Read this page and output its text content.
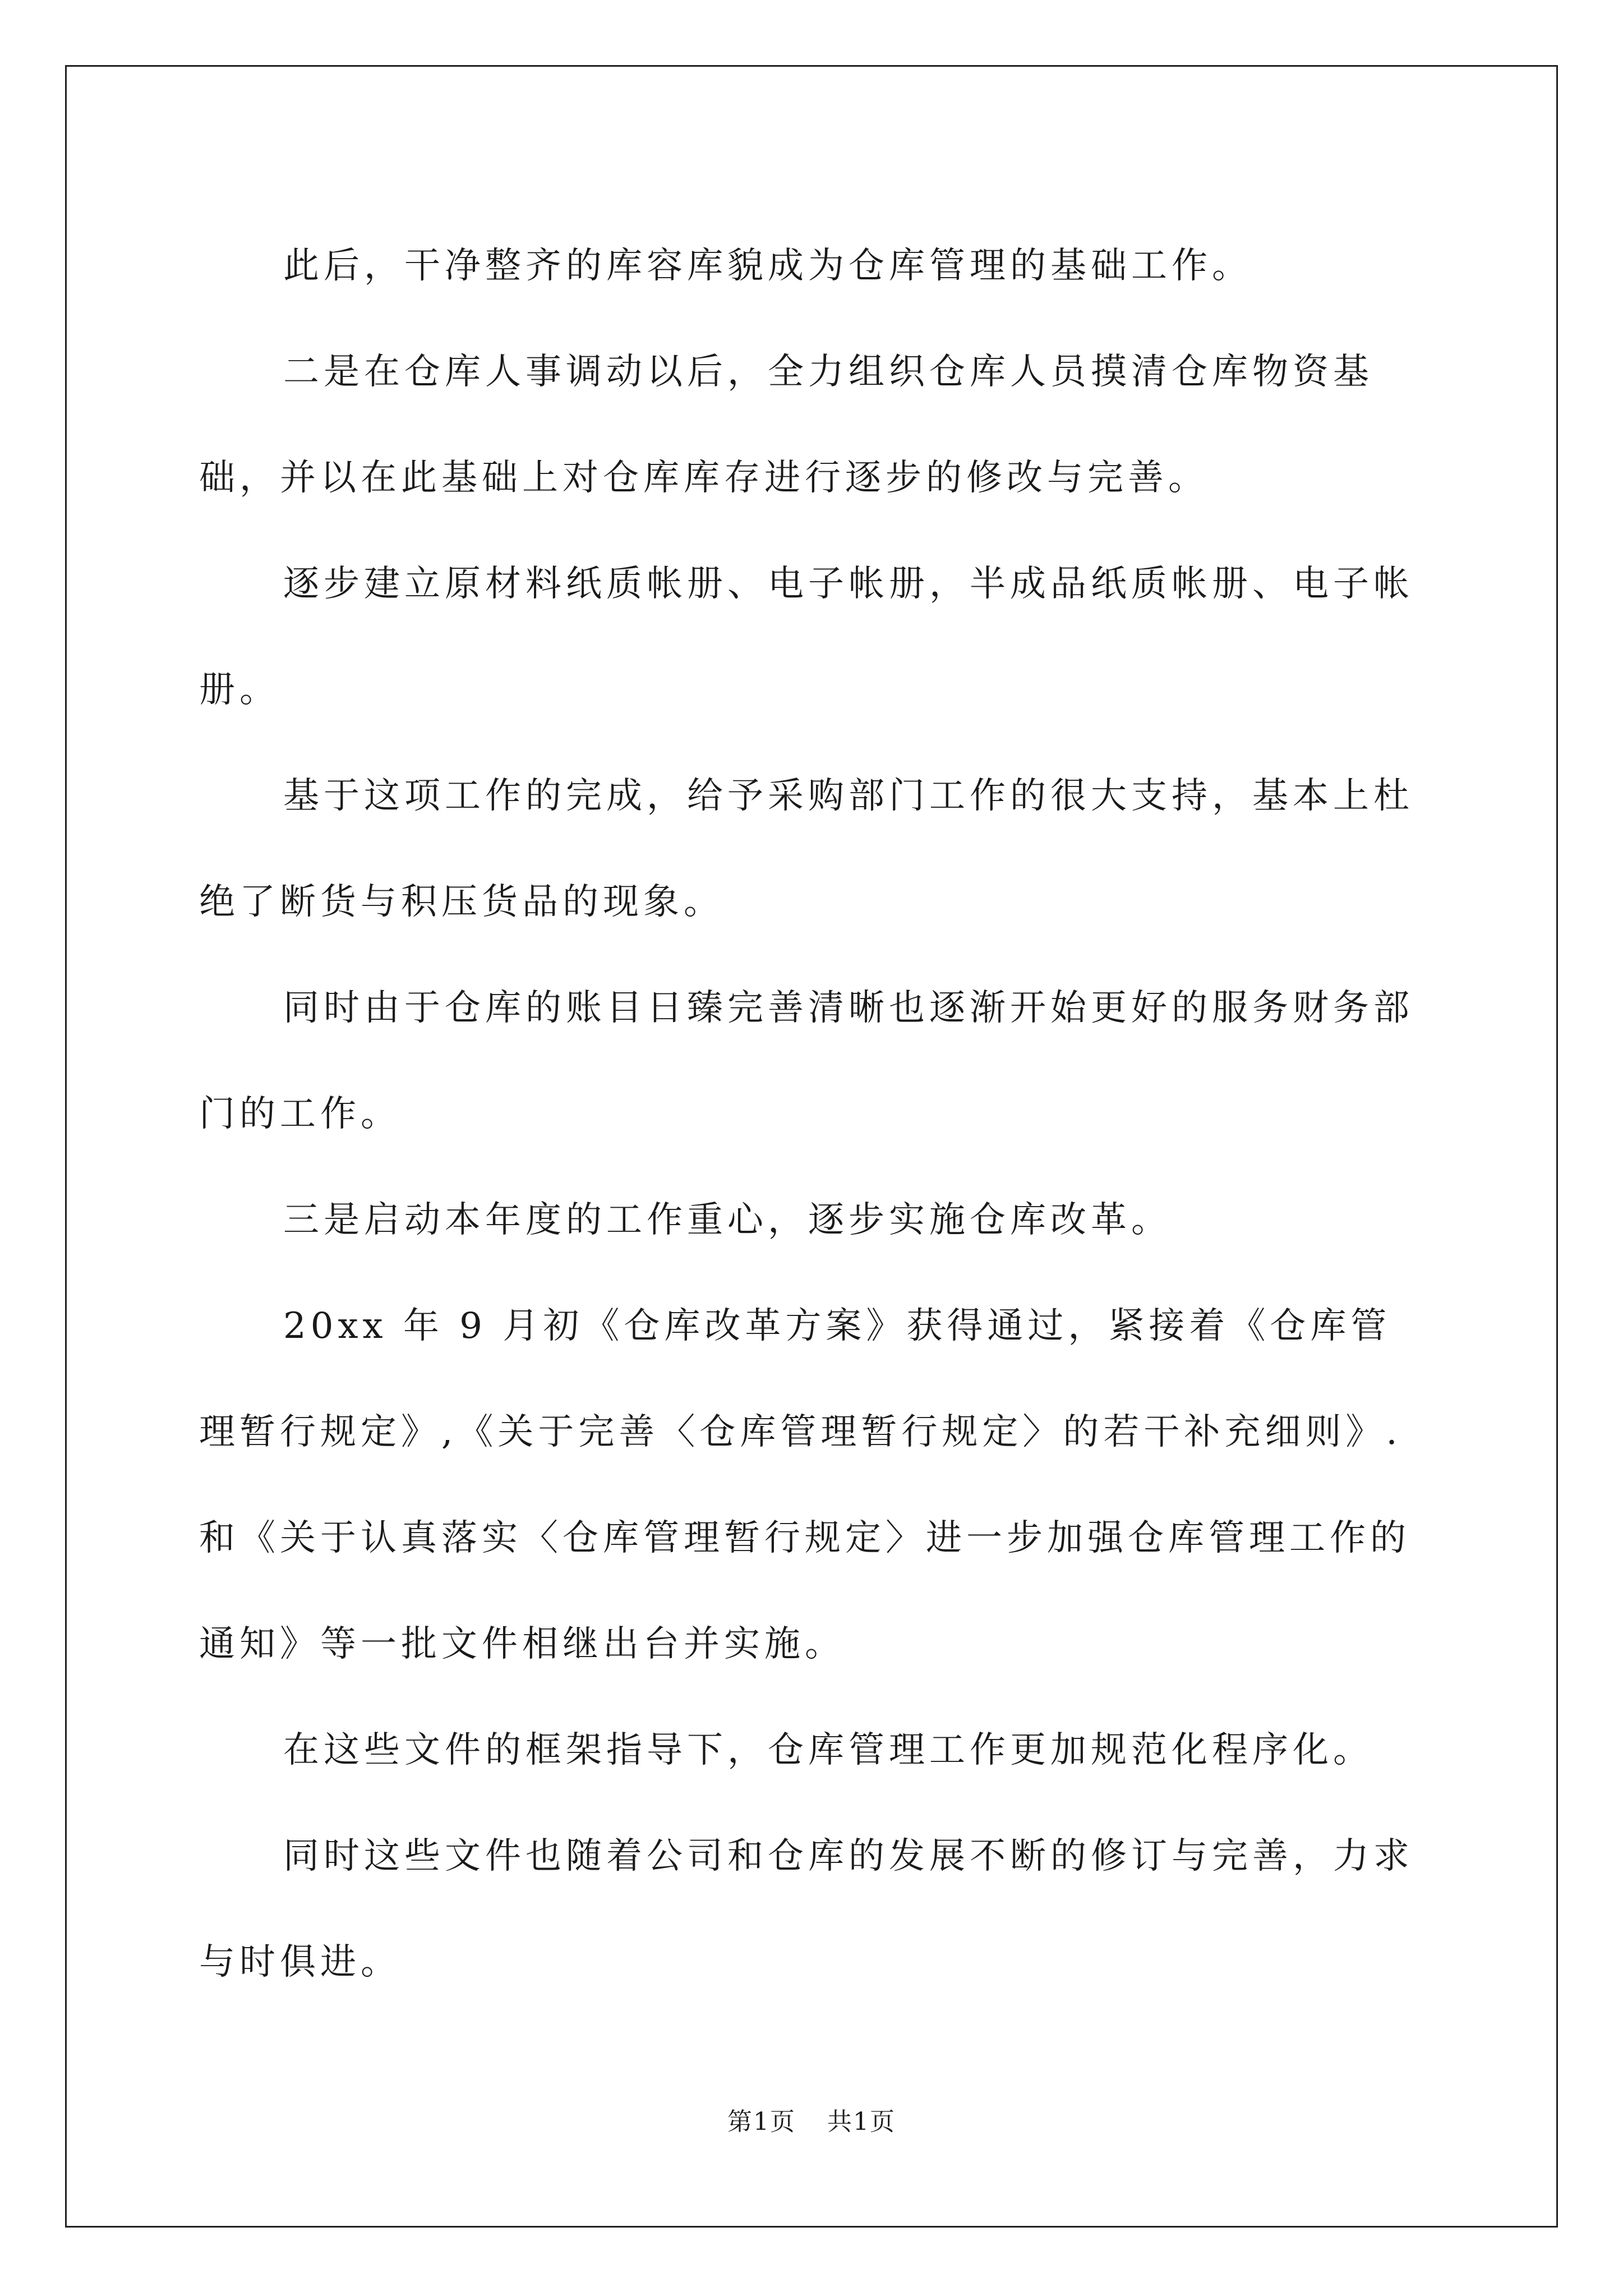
此后，干净整齐的库容库貌成为仓库管理的基础工作。

二是在仓库人事调动以后，全力组织仓库人员摸清仓库物资基础，并以在此基础上对仓库库存进行逐步的修改与完善。

逐步建立原材料纸质帐册、电子帐册，半成品纸质帐册、电子帐册。

基于这项工作的完成，给予采购部门工作的很大支持，基本上杜绝了断货与积压货品的现象。

同时由于仓库的账目日臻完善清晰也逐渐开始更好的服务财务部门的工作。

三是启动本年度的工作重心，逐步实施仓库改革。

20xx 年 9 月初《仓库改革方案》获得通过，紧接着《仓库管理暂行规定》,《关于完善〈仓库管理暂行规定〉的若干补充细则》.和《关于认真落实〈仓库管理暂行规定〉进一步加强仓库管理工作的通知》等一批文件相继出台并实施。

在这些文件的框架指导下，仓库管理工作更加规范化程序化。

同时这些文件也随着公司和仓库的发展不断的修订与完善，力求与时俱进。

第1页 共1页
